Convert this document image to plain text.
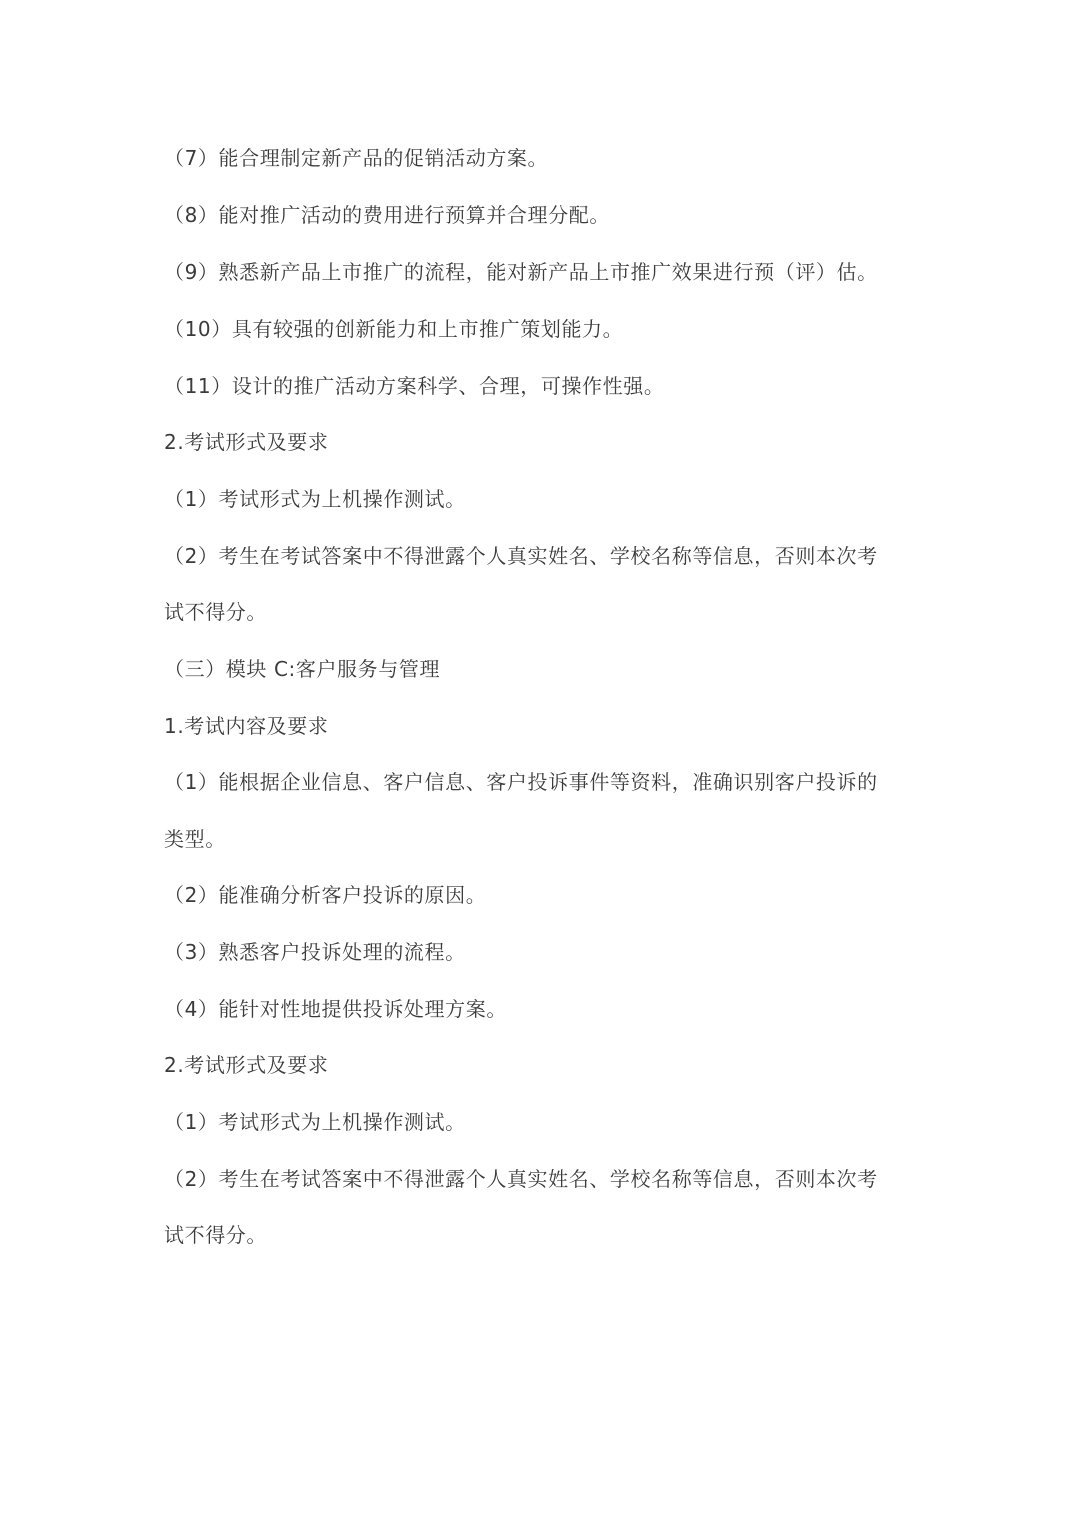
（7）能合理制定新产品的促销活动方案。
（8）能对推广活动的费用进行预算并合理分配。
（9）熟悉新产品上市推广的流程，能对新产品上市推广效果进行预（评）估。
（10）具有较强的创新能力和上市推广策划能力。
（11）设计的推广活动方案科学、合理，可操作性强。
2.考试形式及要求
（1）考试形式为上机操作测试。
（2）考生在考试答案中不得泄露个人真实姓名、学校名称等信息，否则本次考
试不得分。
（三）模块 C:客户服务与管理
1.考试内容及要求
（1）能根据企业信息、客户信息、客户投诉事件等资料，准确识别客户投诉的
类型。
（2）能准确分析客户投诉的原因。
（3）熟悉客户投诉处理的流程。
（4）能针对性地提供投诉处理方案。
2.考试形式及要求
（1）考试形式为上机操作测试。
（2）考生在考试答案中不得泄露个人真实姓名、学校名称等信息，否则本次考
试不得分。
